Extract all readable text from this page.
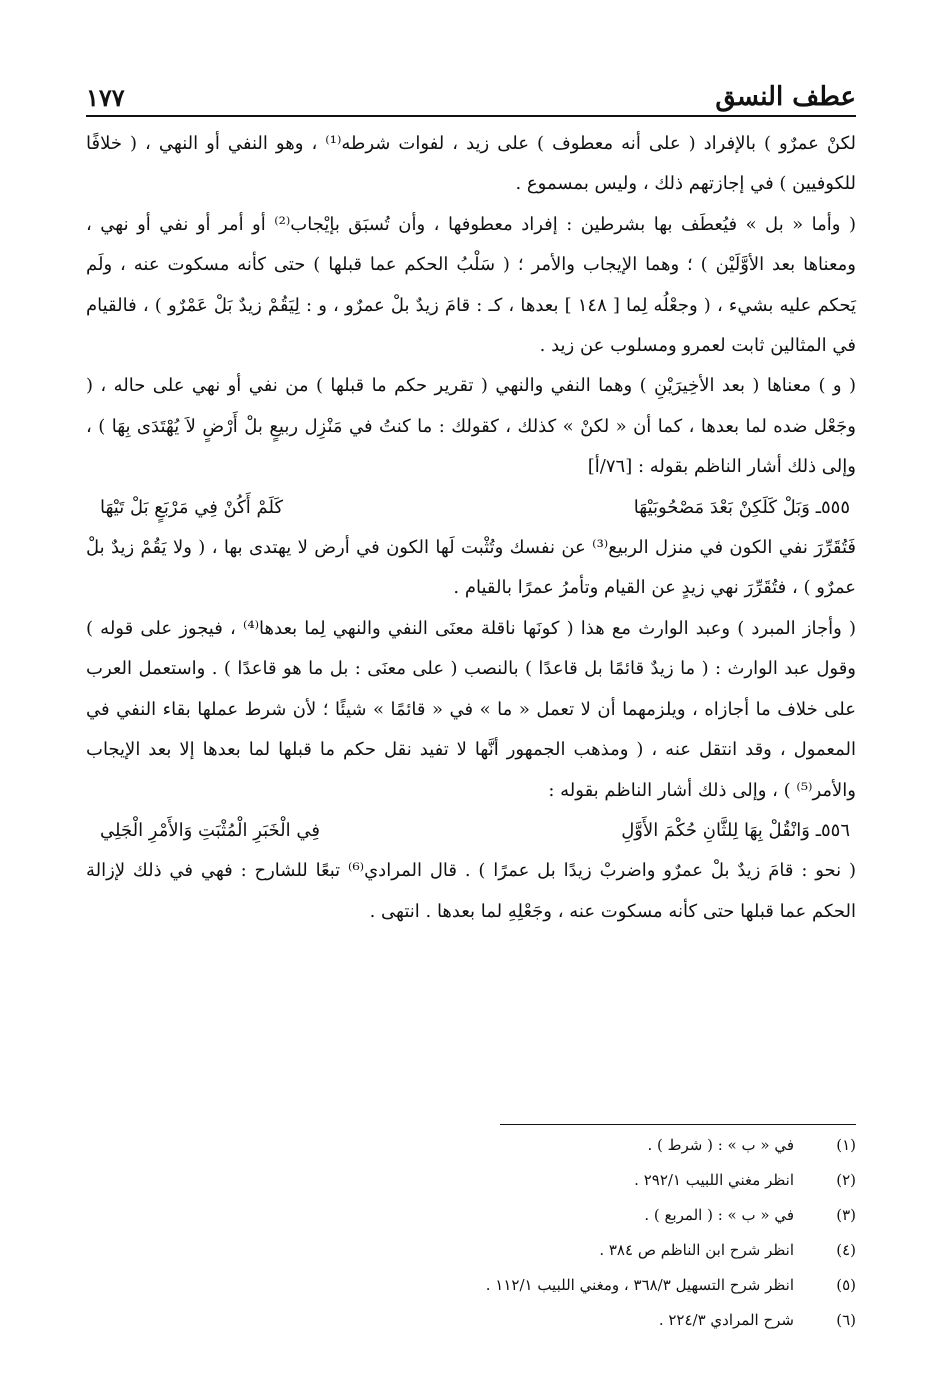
عطف النسق
١٧٧

لكنْ عمرٌو ) بالإفراد ( على أنه معطوف ) على زيد ، لفوات شرطه⁽¹⁾ ، وهو النفي أو النهي ، ( خلافًا للكوفيين ) في إجازتهم ذلك ، وليس بمسموع .

( وأما « بل » فيُعطَف بها بشرطين : إفراد معطوفها ، وأن تُسبَق بإيْجاب⁽²⁾ أو أمر أو نفي أو نهي ، ومعناها بعد الأوَّلَيْن ) ؛ وهما الإيجاب والأمر ؛ ( سَلْبُ الحكم عما قبلها ) حتى كأنه مسكوت عنه ، ولَم يَحكم عليه بشيء ، ( وجعْلُه لِما [ ١٤٨ ] بعدها ، كـ : قامَ زيدٌ بلْ عمرٌو ، و : لِيَقُمْ زيدٌ بَلْ عَمْرٌو ) ، فالقيام في المثالين ثابت لعمرو ومسلوب عن زيد .

( و ) معناها ( بعد الأخِيرَيْنِ ) وهما النفي والنهي ( تقرير حكم ما قبلها ) من نفي أو نهي على حاله ، ( وجَعْل ضده لما بعدها ، كما أن « لكنْ » كذلك ، كقولك : ما كنتُ في مَنْزِل ربيعٍ بلْ أَرْضٍ لاَ يُهْتَدَى بِهَا ) ، وإلى ذلك أشار الناظم بقوله : [٧٦/أ]

٥٥٥ـ وَبَلْ كَلَكِنْ بَعْدَ مَصْحُوبَيْهَا
كَلَمْ أَكُنْ فِي مَرْبَعٍ بَلْ تَيْهَا

فَتُقَرِّرَ نفي الكون في منزل الربيع⁽³⁾ عن نفسك وتُثْبت لَها الكون في أرض لا يهتدى بها ، ( ولا يَقُمْ زيدٌ بلْ عمرٌو ) ، فتُقَرِّرَ نهي زيدٍ عن القيام وتأمرُ عمرًا بالقيام .

( وأجاز المبرد ) وعبد الوارث مع هذا ( كونَها ناقلة معنَى النفي والنهي لِما بعدها⁽⁴⁾ ، فيجوز على قوله ) وقول عبد الوارث : ( ما زيدٌ قائمًا بل قاعدًا ) بالنصب ( على معنَى : بل ما هو قاعدًا ) . واستعمل العرب على خلاف ما أجازاه ، ويلزمهما أن لا تعمل « ما » في « قائمًا » شيئًا ؛ لأن شرط عملها بقاء النفي في المعمول ، وقد انتقل عنه ، ( ومذهب الجمهور أنَّها لا تفيد نقل حكم ما قبلها لما بعدها إلا بعد الإيجاب والأمر⁽⁵⁾ ) ، وإلى ذلك أشار الناظم بقوله :

٥٥٦ـ وَانْقُلْ بِهَا لِلثَّانِ حُكْمَ الأَوَّلِ
فِي الْخَبَرِ الْمُثْبَتِ وَالأَمْرِ الْجَلِي

( نحو : قامَ زيدٌ بلْ عمرٌو واضربْ زيدًا بل عمرًا ) . قال المرادي⁽⁶⁾ تبعًا للشارح : فهي في ذلك لإزالة الحكم عما قبلها حتى كأنه مسكوت عنه ، وجَعْلِهِ لما بعدها . انتهى .

(١)
في « ب » : ( شرط ) .
(٢)
انظر مغني اللبيب ٢٩٢/١ .
(٣)
في « ب » : ( المربع ) .
(٤)
انظر شرح ابن الناظم ص ٣٨٤ .
(٥)
انظر شرح التسهيل ٣٦٨/٣ ، ومغني اللبيب ١١٢/١ .
(٦)
شرح المرادي ٢٢٤/٣ .
